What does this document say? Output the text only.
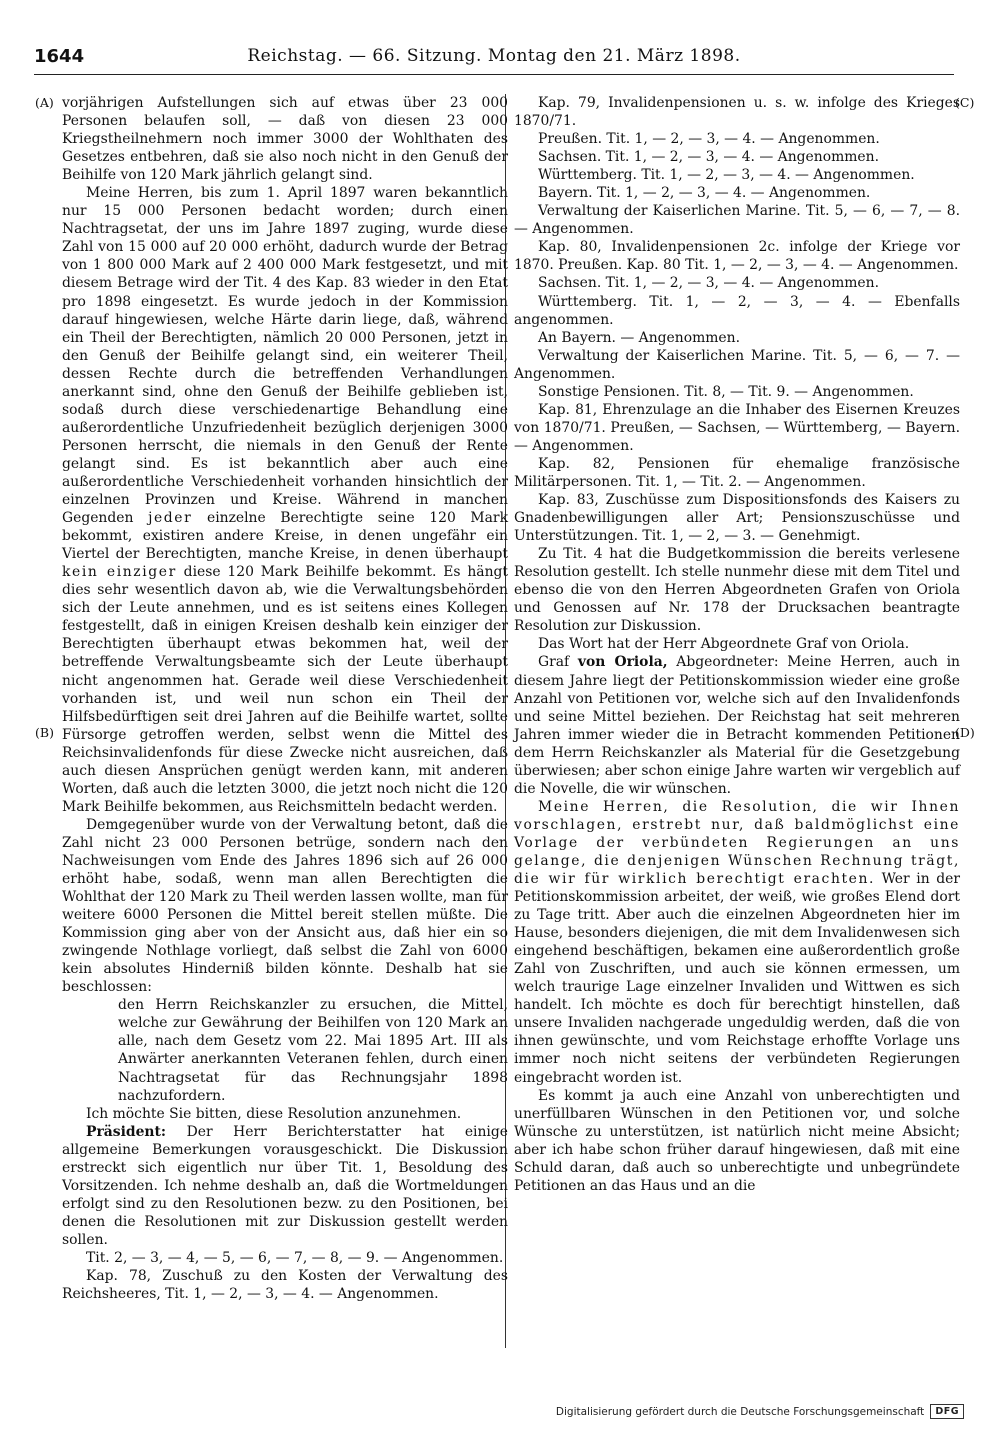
1644	Reichstag. — 66. Sitzung. Montag den 21. März 1898.
(A)
(B)
(C)
(D)

vorjährigen Aufstellungen sich auf etwas über 23 000 Personen belaufen soll, — daß von diesen 23 000 Kriegstheilnehmern noch immer 3000 der Wohlthaten des Gesetzes entbehren, daß sie also noch nicht in den Genuß der Beihilfe von 120 Mark jährlich gelangt sind.

Meine Herren, bis zum 1. April 1897 waren bekanntlich nur 15 000 Personen bedacht worden; durch einen Nachtragsetat, der uns im Jahre 1897 zuging, wurde diese Zahl von 15 000 auf 20 000 erhöht, dadurch wurde der Betrag von 1 800 000 Mark auf 2 400 000 Mark festgesetzt, und mit diesem Betrage wird der Tit. 4 des Kap. 83 wieder in den Etat pro 1898 eingesetzt. Es wurde jedoch in der Kommission darauf hingewiesen, welche Härte darin liege, daß, während ein Theil der Berechtigten, nämlich 20 000 Personen, jetzt in den Genuß der Beihilfe gelangt sind, ein weiterer Theil, dessen Rechte durch die betreffenden Verhandlungen anerkannt sind, ohne den Genuß der Beihilfe geblieben ist, sodaß durch diese verschiedenartige Behandlung eine außerordentliche Unzufriedenheit bezüglich derjenigen 3000 Personen herrscht, die niemals in den Genuß der Rente gelangt sind. Es ist bekanntlich aber auch eine außerordentliche Verschiedenheit vorhanden hinsichtlich der einzelnen Provinzen und Kreise. Während in manchen Gegenden jeder einzelne Berechtigte seine 120 Mark bekommt, existiren andere Kreise, in denen ungefähr ein Viertel der Berechtigten, manche Kreise, in denen überhaupt kein einziger diese 120 Mark Beihilfe bekommt. Es hängt dies sehr wesentlich davon ab, wie die Verwaltungsbehörden sich der Leute annehmen, und es ist seitens eines Kollegen festgestellt, daß in einigen Kreisen deshalb kein einziger der Berechtigten überhaupt etwas bekommen hat, weil der betreffende Verwaltungsbeamte sich der Leute überhaupt nicht angenommen hat. Gerade weil diese Verschiedenheit vorhanden ist, und weil nun schon ein Theil der Hilfsbedürftigen seit drei Jahren auf die Beihilfe wartet, sollte Fürsorge getroffen werden, selbst wenn die Mittel des Reichsinvalidenfonds für diese Zwecke nicht ausreichen, daß auch diesen Ansprüchen genügt werden kann, mit anderen Worten, daß auch die letzten 3000, die jetzt noch nicht die 120 Mark Beihilfe bekommen, aus Reichsmitteln bedacht werden.

Demgegenüber wurde von der Verwaltung betont, daß die Zahl nicht 23 000 Personen betrüge, sondern nach den Nachweisungen vom Ende des Jahres 1896 sich auf 26 000 erhöht habe, sodaß, wenn man allen Berechtigten die Wohlthat der 120 Mark zu Theil werden lassen wollte, man für weitere 6000 Personen die Mittel bereit stellen müßte. Die Kommission ging aber von der Ansicht aus, daß hier ein so zwingende Nothlage vorliegt, daß selbst die Zahl von 6000 kein absolutes Hinderniß bilden könnte. Deshalb hat sie beschlossen:

den Herrn Reichskanzler zu ersuchen, die Mittel, welche zur Gewährung der Beihilfen von 120 Mark an alle, nach dem Gesetz vom 22. Mai 1895 Art. III als Anwärter anerkannten Veteranen fehlen, durch einen Nachtragsetat für das Rechnungsjahr 1898 nachzufordern.

Ich möchte Sie bitten, diese Resolution anzunehmen.

Präsident: Der Herr Berichterstatter hat einige allgemeine Bemerkungen vorausgeschickt. Die Diskussion erstreckt sich eigentlich nur über Tit. 1, Besoldung des Vorsitzenden. Ich nehme deshalb an, daß die Wortmeldungen erfolgt sind zu den Resolutionen bezw. zu den Positionen, bei denen die Resolutionen mit zur Diskussion gestellt werden sollen.

Tit. 2, — 3, — 4, — 5, — 6, — 7, — 8, — 9. — Angenommen.

Kap. 78, Zuschuß zu den Kosten der Verwaltung des Reichsheeres, Tit. 1, — 2, — 3, — 4. — Angenommen.

Kap. 79, Invalidenpensionen u. s. w. infolge des Krieges 1870/71.

Preußen. Tit. 1, — 2, — 3, — 4. — Angenommen.

Sachsen. Tit. 1, — 2, — 3, — 4. — Angenommen.

Württemberg. Tit. 1, — 2, — 3, — 4. — Angenommen.

Bayern. Tit. 1, — 2, — 3, — 4. — Angenommen.

Verwaltung der Kaiserlichen Marine. Tit. 5, — 6, — 7, — 8. — Angenommen.

Kap. 80, Invalidenpensionen 2c. infolge der Kriege vor 1870. Preußen. Kap. 80 Tit. 1, — 2, — 3, — 4. — Angenommen.

Sachsen. Tit. 1, — 2, — 3, — 4. — Angenommen.

Württemberg. Tit. 1, — 2, — 3, — 4. — Ebenfalls angenommen.

An Bayern. — Angenommen.

Verwaltung der Kaiserlichen Marine. Tit. 5, — 6, — 7. — Angenommen.

Sonstige Pensionen. Tit. 8, — Tit. 9. — Angenommen.

Kap. 81, Ehrenzulage an die Inhaber des Eisernen Kreuzes von 1870/71. Preußen, — Sachsen, — Württemberg, — Bayern. — Angenommen.

Kap. 82, Pensionen für ehemalige französische Militärpersonen. Tit. 1, — Tit. 2. — Angenommen.

Kap. 83, Zuschüsse zum Dispositionsfonds des Kaisers zu Gnadenbewilligungen aller Art; Pensionszuschüsse und Unterstützungen. Tit. 1, — 2, — 3. — Genehmigt.

Zu Tit. 4 hat die Budgetkommission die bereits verlesene Resolution gestellt. Ich stelle nunmehr diese mit dem Titel und ebenso die von den Herren Abgeordneten Grafen von Oriola und Genossen auf Nr. 178 der Drucksachen beantragte Resolution zur Diskussion.

Das Wort hat der Herr Abgeordnete Graf von Oriola.

Graf von Oriola, Abgeordneter: Meine Herren, auch in diesem Jahre liegt der Petitionskommission wieder eine große Anzahl von Petitionen vor, welche sich auf den Invalidenfonds und seine Mittel beziehen. Der Reichstag hat seit mehreren Jahren immer wieder die in Betracht kommenden Petitionen dem Herrn Reichskanzler als Material für die Gesetzgebung überwiesen; aber schon einige Jahre warten wir vergeblich auf die Novelle, die wir wünschen.

Meine Herren, die Resolution, die wir Ihnen vorschlagen, erstrebt nur, daß baldmöglichst eine Vorlage der verbündeten Regierungen an uns gelange, die denjenigen Wünschen Rechnung trägt, die wir für wirklich berechtigt erachten. Wer in der Petitionskommission arbeitet, der weiß, wie großes Elend dort zu Tage tritt. Aber auch die einzelnen Abgeordneten hier im Hause, besonders diejenigen, die mit dem Invalidenwesen sich eingehend beschäftigen, bekamen eine außerordentlich große Zahl von Zuschriften, und auch sie können ermessen, um welch traurige Lage einzelner Invaliden und Wittwen es sich handelt. Ich möchte es doch für berechtigt hinstellen, daß unsere Invaliden nachgerade ungeduldig werden, daß die von ihnen gewünschte, und vom Reichstage erhoffte Vorlage uns immer noch nicht seitens der verbündeten Regierungen eingebracht worden ist.

Es kommt ja auch eine Anzahl von unberechtigten und unerfüllbaren Wünschen in den Petitionen vor, und solche Wünsche zu unterstützen, ist natürlich nicht meine Absicht; aber ich habe schon früher darauf hingewiesen, daß mit eine Schuld daran, daß auch so unberechtigte und unbegründete Petitionen an das Haus und an die

Digitalisierung gefördert durch die Deutsche Forschungsgemeinschaft	DFG
